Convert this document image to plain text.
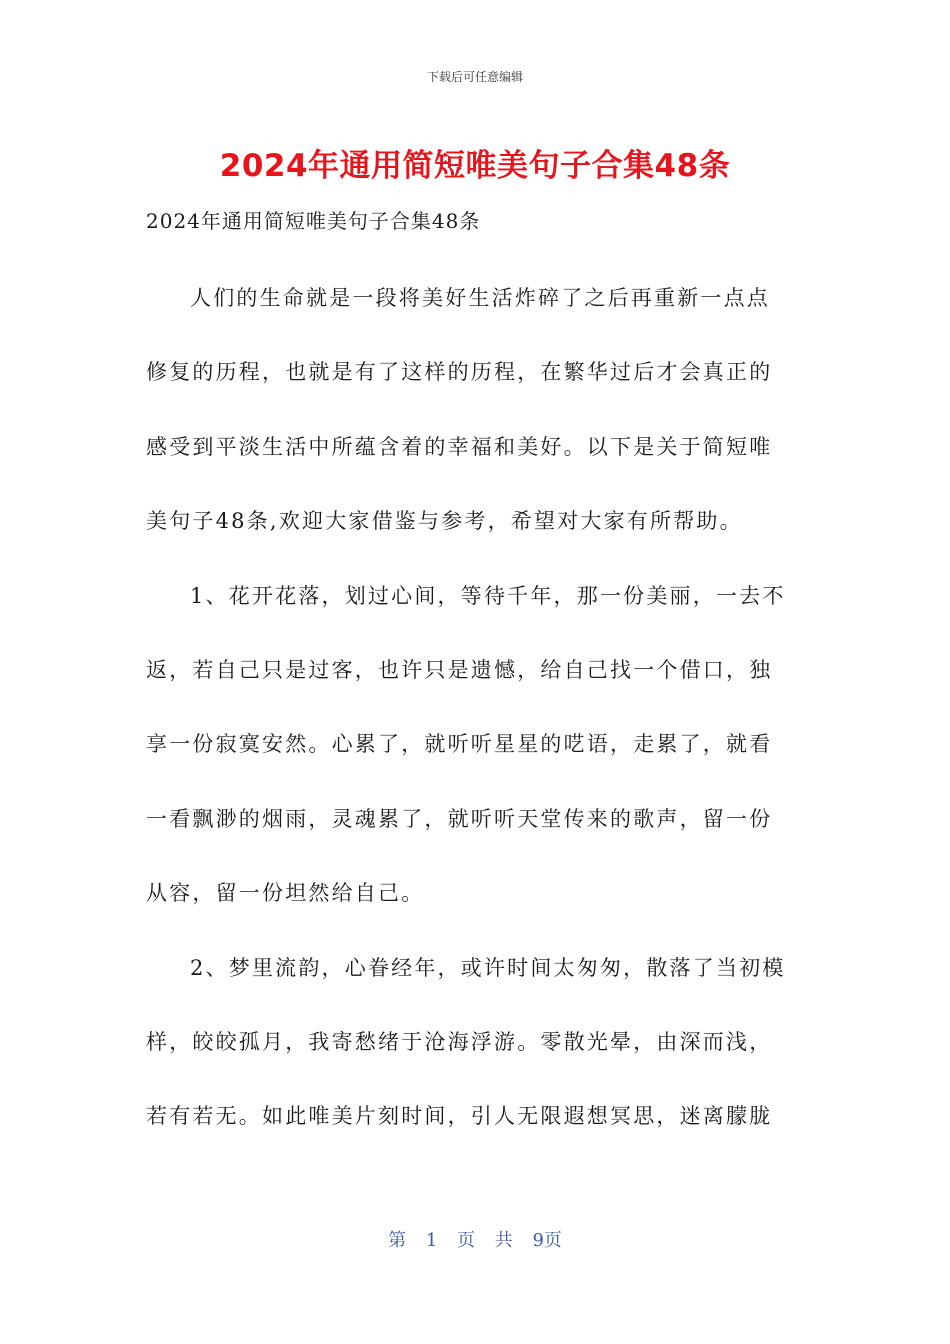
下载后可任意编辑
2024年通用简短唯美句子合集48条
2024年通用简短唯美句子合集48条
人们的生命就是一段将美好生活炸碎了之后再重新一点点
修复的历程，也就是有了这样的历程，在繁华过后才会真正的
感受到平淡生活中所蕴含着的幸福和美好。以下是关于简短唯
美句子48条,欢迎大家借鉴与参考，希望对大家有所帮助。
1、花开花落，划过心间，等待千年，那一份美丽，一去不
返，若自己只是过客，也许只是遗憾，给自己找一个借口，独
享一份寂寞安然。心累了，就听听星星的呓语，走累了，就看
一看飘渺的烟雨，灵魂累了，就听听天堂传来的歌声，留一份
从容，留一份坦然给自己。
2、梦里流韵，心眷经年，或许时间太匆匆，散落了当初模
样，皎皎孤月，我寄愁绪于沧海浮游。零散光晕，由深而浅，
若有若无。如此唯美片刻时间，引人无限遐想冥思，迷离朦胧
第 1 页 共 9页
